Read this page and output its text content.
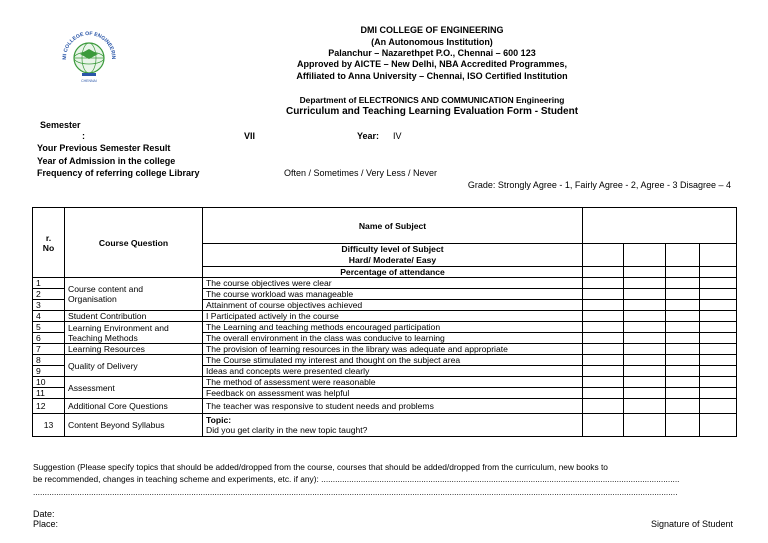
MI COLLEGE OF ENGINEERIN
CHENNAI
DMI COLLEGE OF ENGINEERING
(An Autonomous Institution)
Palanchur – Nazarethpet P.O., Chennai – 600 123
Approved by AICTE – New Delhi, NBA Accredited Programmes,
Affiliated to Anna University – Chennai, ISO Certified Institution
Department of ELECTRONICS AND COMMUNICATION Engineering
Curriculum and Teaching Learning Evaluation Form - Student
Semester
:	VII	Year: IV
Your Previous Semester Result
Year of Admission in the college
Frequency of referring college Library	Often / Sometimes / Very Less / Never
Grade: Strongly Agree - 1, Fairly Agree - 2, Agree - 3 Disagree – 4
r.
No	Course Question	Name of Subject				

		Difficulty level of Subject
Hard/ Moderate/ Easy				

		Percentage of attendance				
1	Course content and
Organisation	The course objectives were clear				
2		The course workload was manageable				
3		Attainment of course objectives achieved				
4	Student Contribution	I Participated actively in the course				
5	Learning Environment and
Teaching Methods	The Learning and teaching methods encouraged participation				
6		The overall environment in the class was conducive to learning				
7	Learning Resources	The provision of learning resources in the library was adequate and appropriate				
8	Quality of Delivery	The Course stimulated my interest and thought on the subject area				
9		Ideas and concepts were presented clearly				
10	Assessment	The method of assessment were reasonable				
11		Feedback on assessment was helpful				
12	Additional Core Questions	The teacher was responsive to student needs and problems				
13	Content Beyond Syllabus	Topic:
Did you get clarity in the new topic taught?				

Suggestion (Please specify topics that should be added/dropped from the course, courses that should be added/dropped from the curriculum, new books to
be recommended, changes in teaching scheme and experiments, etc. if any): ..........................................................................................................................................................
.....................................................................................................................................................................................................................................................................................
Date:
Place:	Signature of Student
